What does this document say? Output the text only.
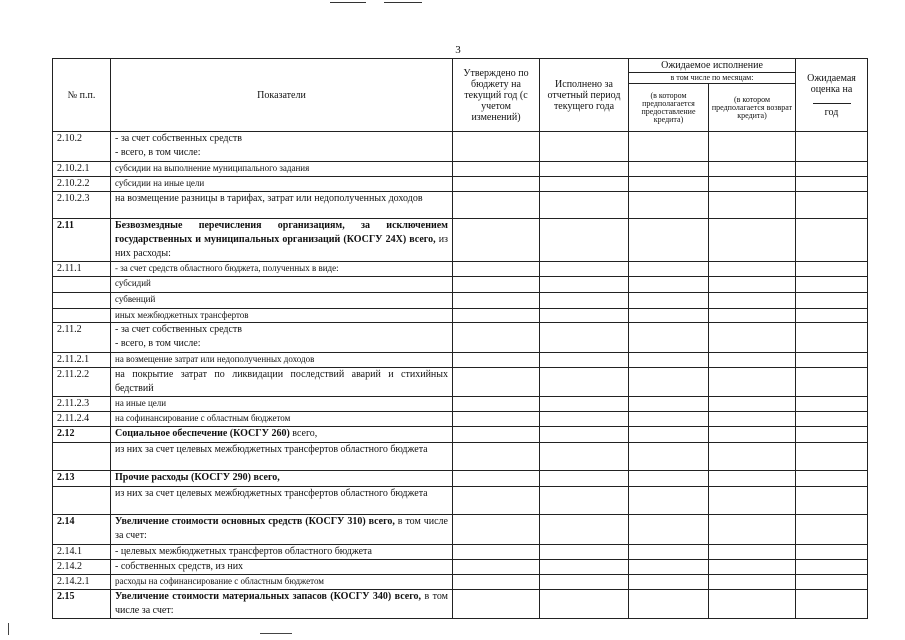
3
№ п.п.	Показатели	Утверждено по бюджету на текущий год (с учетом изменений)	Исполнено за отчетный период текущего года	Ожидаемое исполнение		Ожидаемая оценка на

год
				в том числе по месяцам:		
				(в котором предполагается предоставление кредита)	(в котором предполагается возврат кредита)	
2.10.2	- за счет собственных средств
- всего, в том числе:					
2.10.2.1	субсидии на выполнение муниципального задания					
2.10.2.2	субсидии на иные цели					
2.10.2.3	на возмещение разницы в тарифах, затрат или недополученных доходов					
2.11	Безвозмездные перечисления организациям, за исключением государственных и муниципальных организаций (КОСГУ 24Х) всего, из них расходы:					
2.11.1	- за счет средств областного бюджета, полученных в виде:					
	субсидий					
	субвенций					
	иных межбюджетных трансфертов					
2.11.2	- за счет собственных средств
- всего, в том числе:					
2.11.2.1	на возмещение затрат или недополученных доходов					
2.11.2.2	на покрытие затрат по ликвидации последствий аварий и стихийных бедствий					
2.11.2.3	на иные цели					
2.11.2.4	на софинансирование с областным бюджетом					
2.12	Социальное обеспечение (КОСГУ 260) всего,					
	из них за счет целевых межбюджетных трансфертов областного бюджета					
2.13	Прочие расходы (КОСГУ 290) всего,					
	из них за счет целевых межбюджетных трансфертов областного бюджета					
2.14	Увеличение стоимости основных средств (КОСГУ 310) всего, в том числе за счет:					
2.14.1	- целевых межбюджетных трансфертов областного бюджета					
2.14.2	- собственных средств, из них					
2.14.2.1	расходы на софинансирование с областным бюджетом					
2.15	Увеличение стоимости материальных запасов (КОСГУ 340) всего, в том числе за счет:					
